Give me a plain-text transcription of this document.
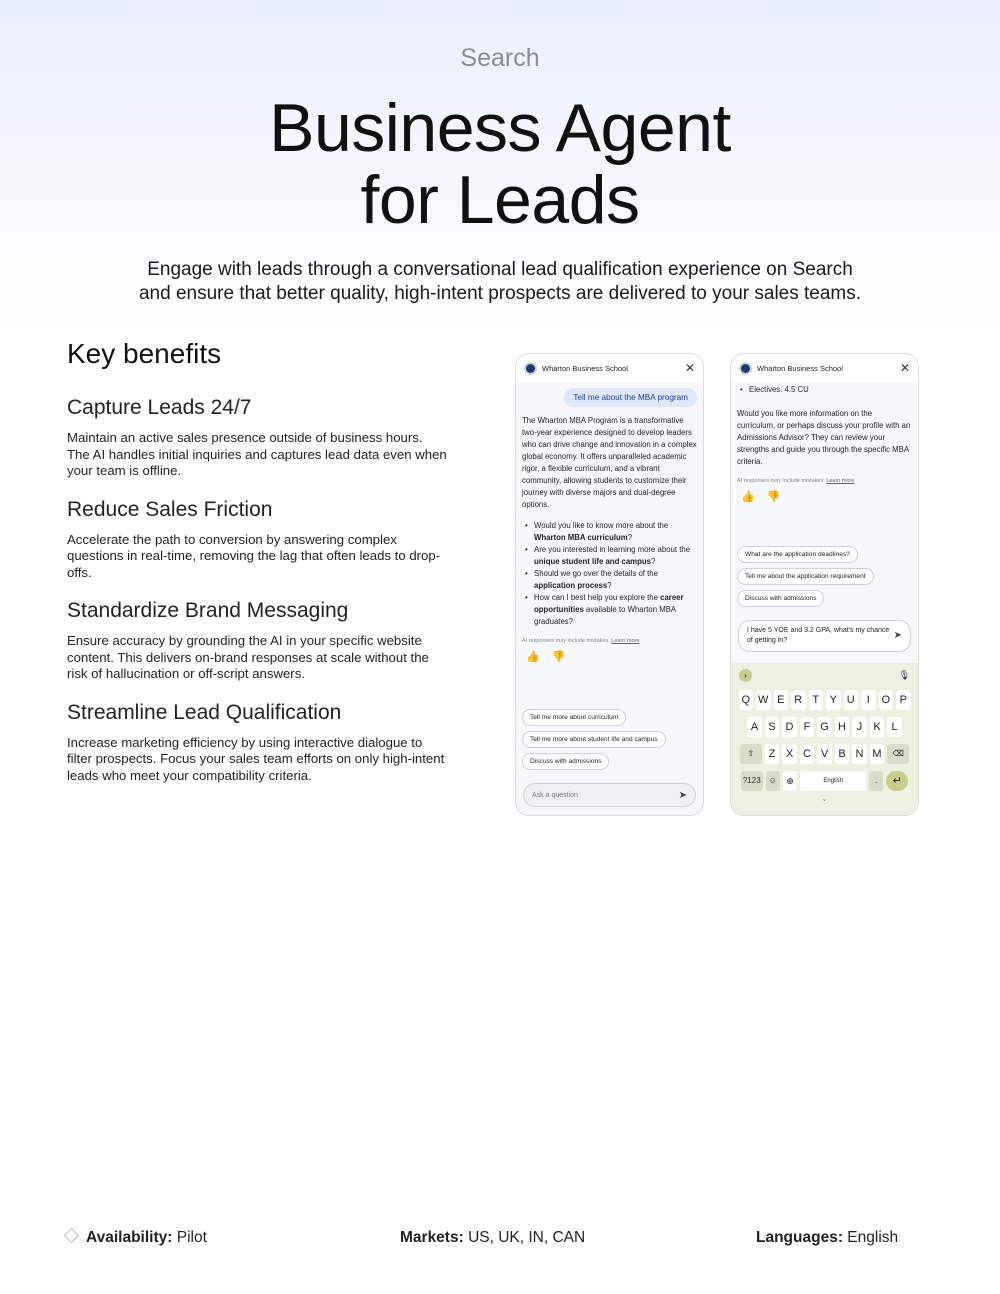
Search
Business Agent
for Leads

Engage with leads through a conversational lead qualification experience on Search
and ensure that better quality, high-intent prospects are delivered to your sales teams.

Key benefits
Capture Leads 24/7

Maintain an active sales presence outside of business hours. The AI handles initial inquiries and captures lead data even when your team is offline.

Reduce Sales Friction

Accelerate the path to conversion by answering complex questions in real-time, removing the lag that often leads to drop-offs.

Standardize Brand Messaging

Ensure accuracy by grounding the AI in your specific website content. This delivers on-brand responses at scale without the risk of hallucination or off-script answers.

Streamline Lead Qualification

Increase marketing efficiency by using interactive dialogue to filter prospects. Focus your sales team efforts on only high-intent leads who meet your compatibility criteria.

Wharton Business School	✕
Tell me about the MBA program

The Wharton MBA Program is a transformative two-year experience designed to develop leaders who can drive change and innovation in a complex global economy. It offers unparalleled academic rigor, a flexible curriculum, and a vibrant community, allowing students to customize their journey with diverse majors and dual-degree options.

• Would you like to know more about the Wharton MBA curriculum?
• Are you interested in learning more about the unique student life and campus?
• Should we go over the details of the application process?
• How can I best help you explore the career opportunities available to Wharton MBA graduates?

AI responses may include mistakes. Learn more

👍 👎
Tell me more about curriculum
Tell me more about student life and campus
Discuss with admissions
Ask a question	➤
Wharton Business School	✕
• Electives: 4.5 CU

Would you like more information on the curriculum, or perhaps discuss your profile with an Admissions Advisor? They can review your strengths and guide you through the specific MBA criteria.

AI responses may include mistakes. Learn more

👍 👎
What are the application deadlines?
Tell me about the application requirement
Discuss with admissions
I have 5 YOE and 3.2 GPA, what's my chance of getting in?	➤
›	🎙
Q W E R T Y U	I	O P
A S D F G H J	K L
⇧	Z X C V B N M	⌫
?123	☺	⊕	English	.	↵
⌄
Availability: Pilot	Markets: US, UK, IN, CAN	Languages: English
